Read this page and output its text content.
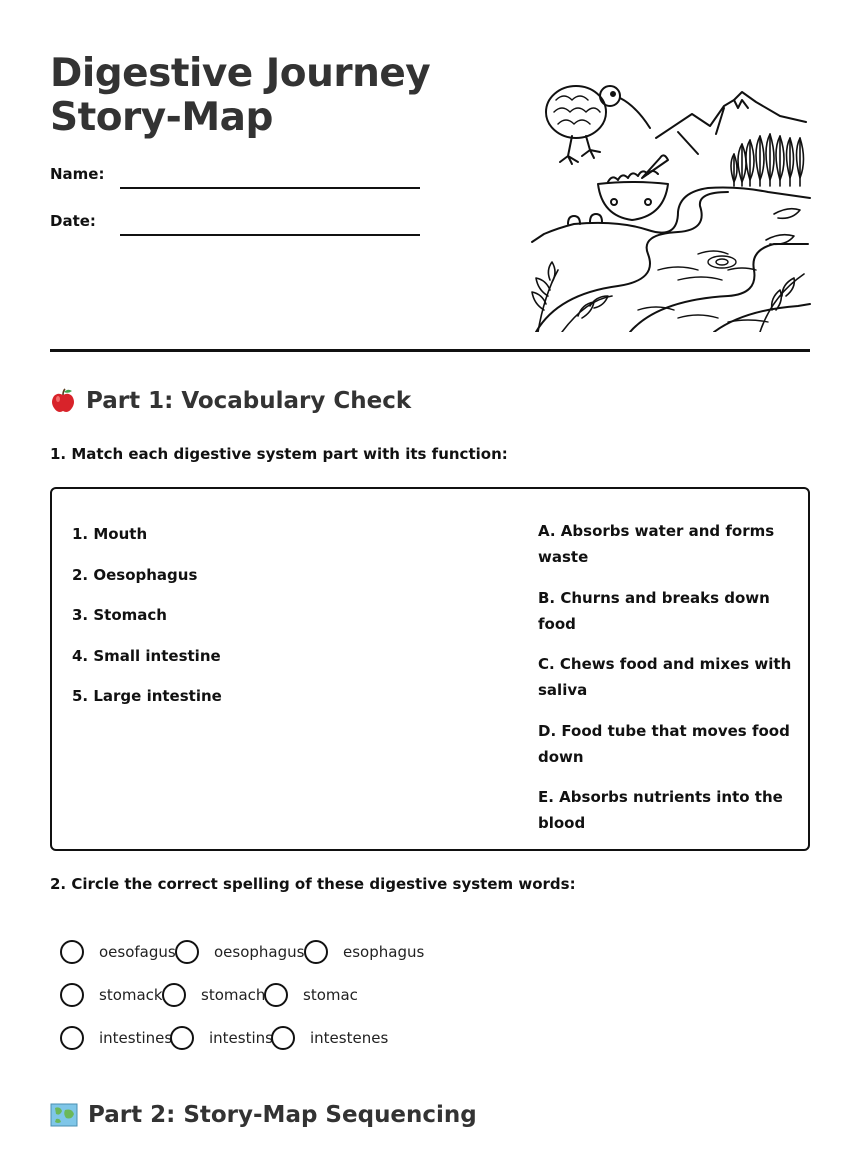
Digestive Journey
Story-Map
Name:
Date:
Part 1: Vocabulary Check

1. Match each digestive system part with its function:

1. Mouth
2. Oesophagus
3. Stomach
4. Small intestine
5. Large intestine
A. Absorbs water and forms waste
B. Churns and breaks down food
C. Chews food and mixes with saliva
D. Food tube that moves food down
E. Absorbs nutrients into the blood

2. Circle the correct spelling of these digestive system words:

oesofagus	oesophagus	esophagus
stomack	stomach	stomac
intestines intestins intestenes
Part 2: Story-Map Sequencing
